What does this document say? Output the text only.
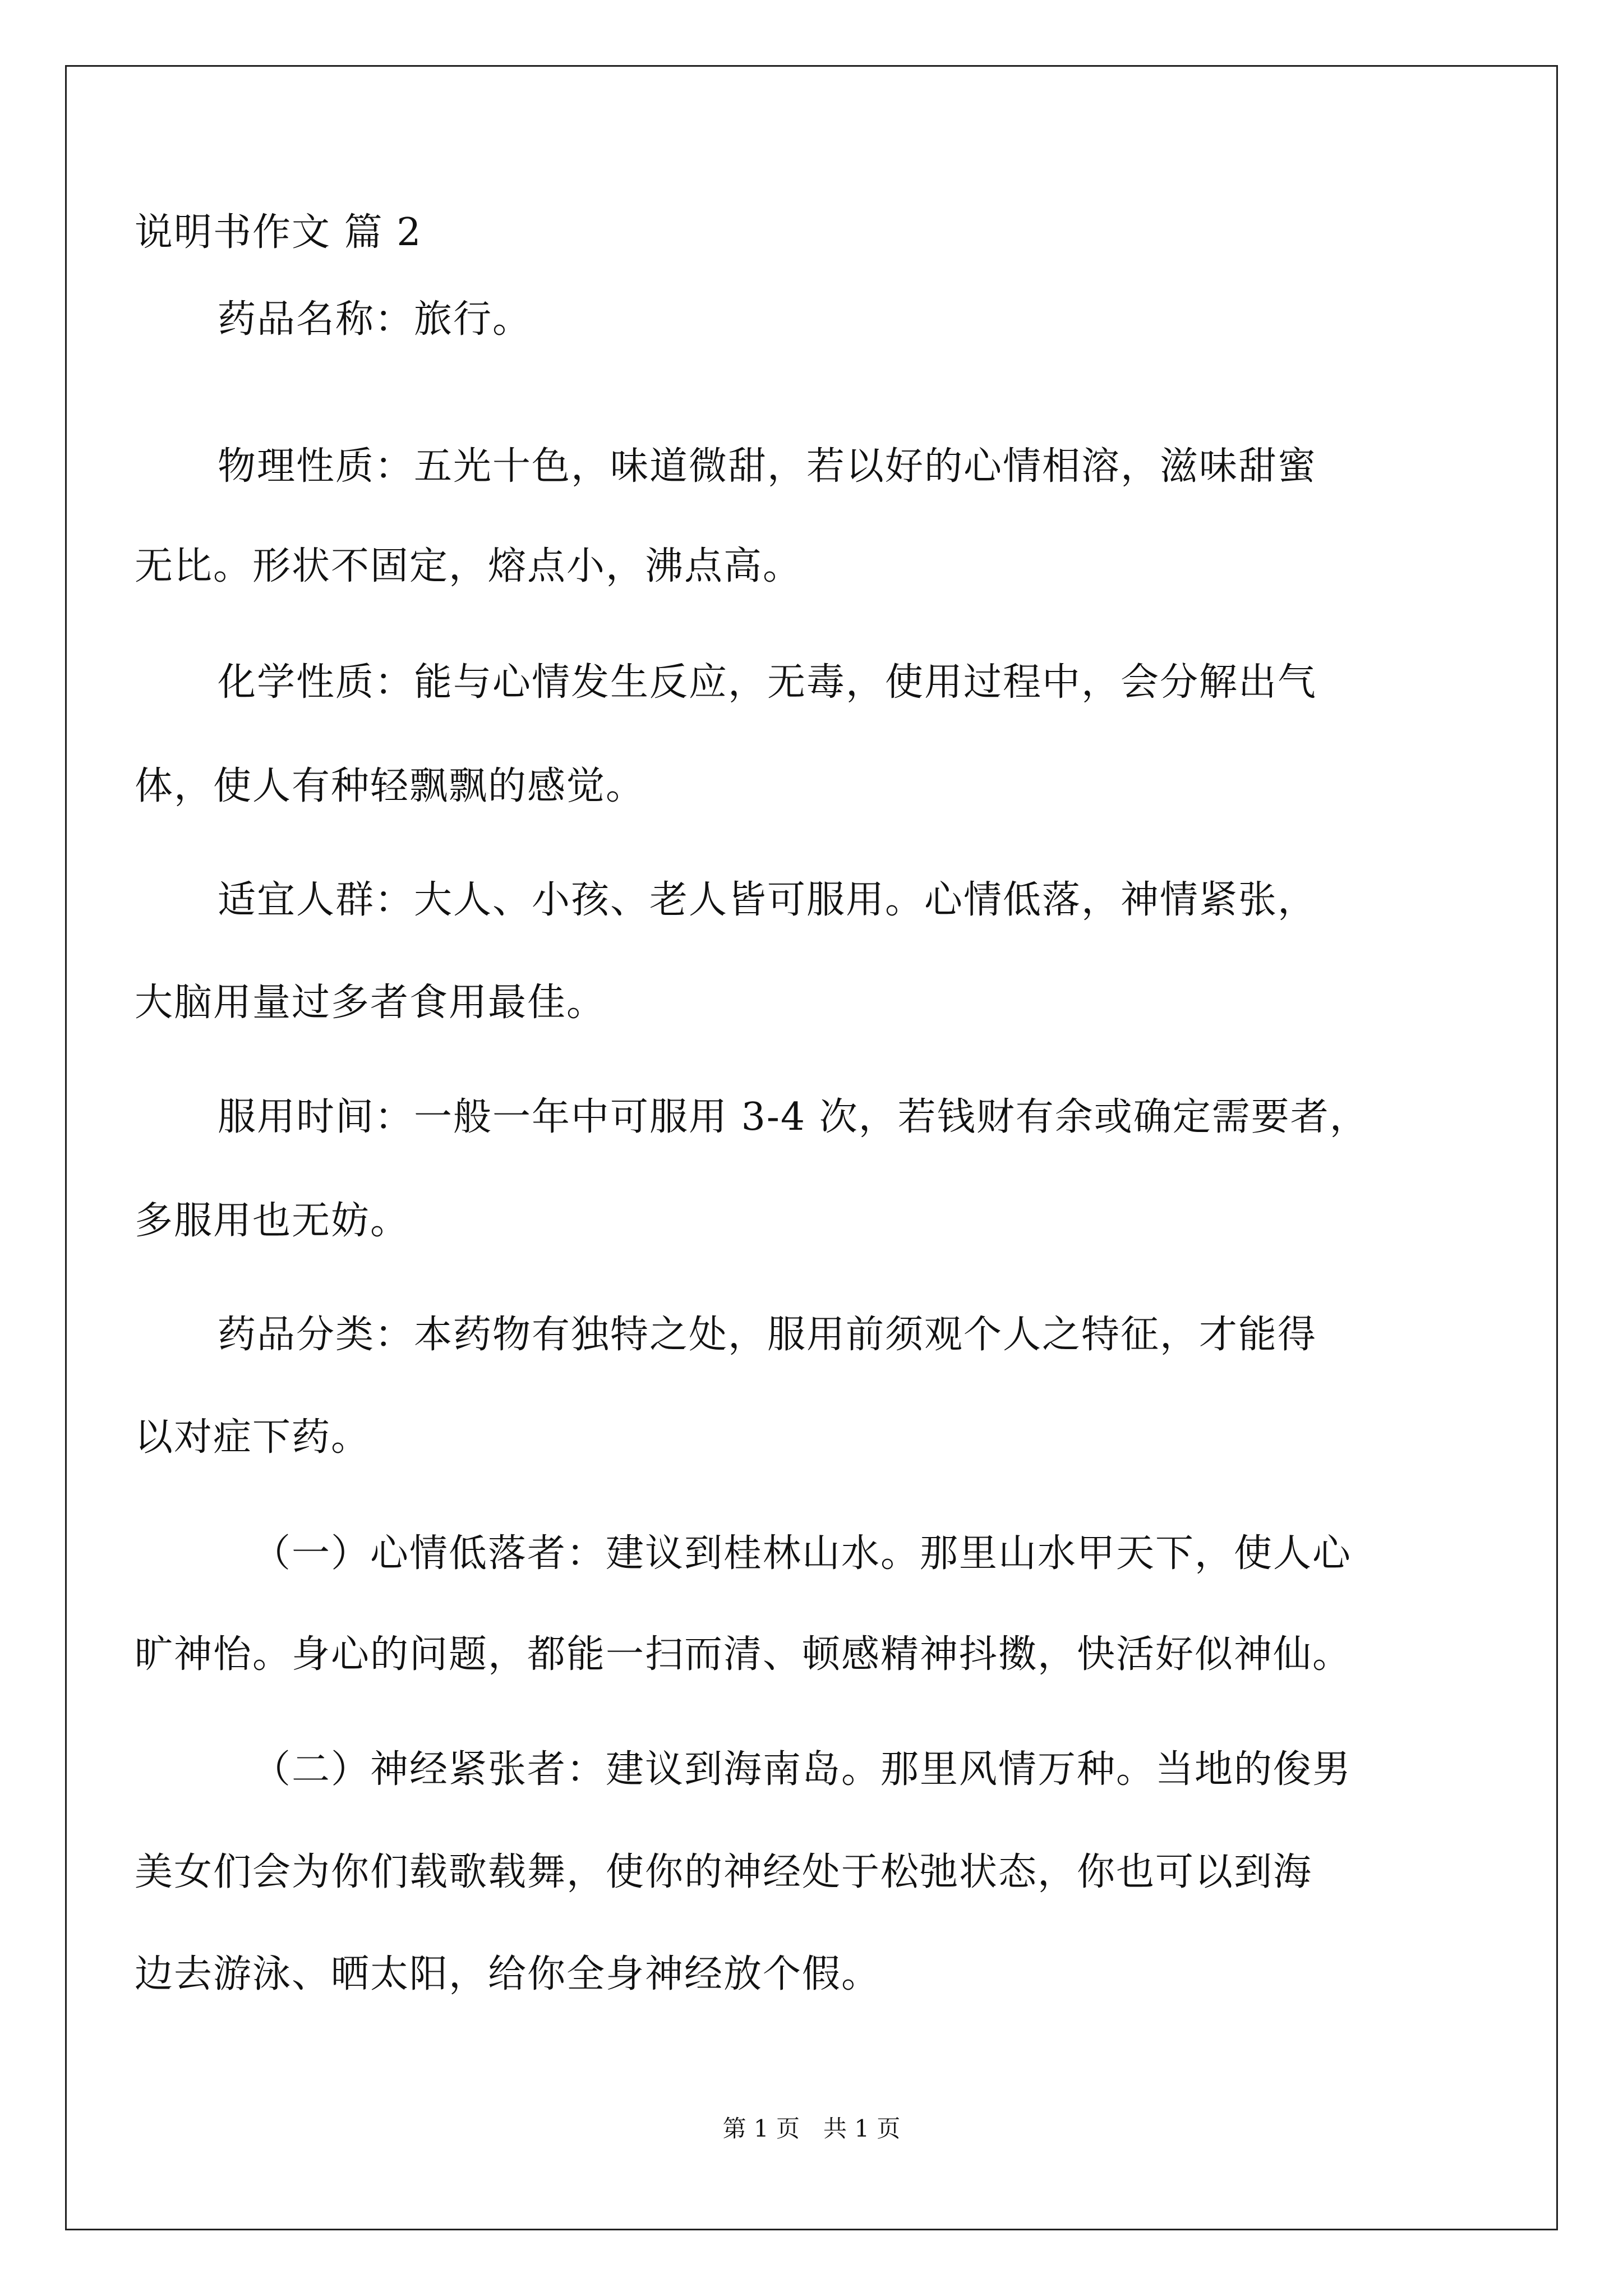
说明书作文 篇 2
药品名称：旅行。
物理性质：五光十色，味道微甜，若以好的心情相溶，滋味甜蜜
无比。形状不固定，熔点小，沸点高。
化学性质：能与心情发生反应，无毒，使用过程中，会分解出气
体，使人有种轻飘飘的感觉。
适宜人群：大人、小孩、老人皆可服用。心情低落，神情紧张，
大脑用量过多者食用最佳。
服用时间：一般一年中可服用 3-4 次，若钱财有余或确定需要者，
多服用也无妨。
药品分类：本药物有独特之处，服用前须观个人之特征，才能得
以对症下药。
（一）心情低落者：建议到桂林山水。那里山水甲天下，使人心
旷神怡。身心的问题，都能一扫而清、顿感精神抖擞，快活好似神仙。
（二）神经紧张者：建议到海南岛。那里风情万种。当地的俊男
美女们会为你们载歌载舞，使你的神经处于松弛状态，你也可以到海
边去游泳、晒太阳，给你全身神经放个假。
第 1 页　共 1 页
